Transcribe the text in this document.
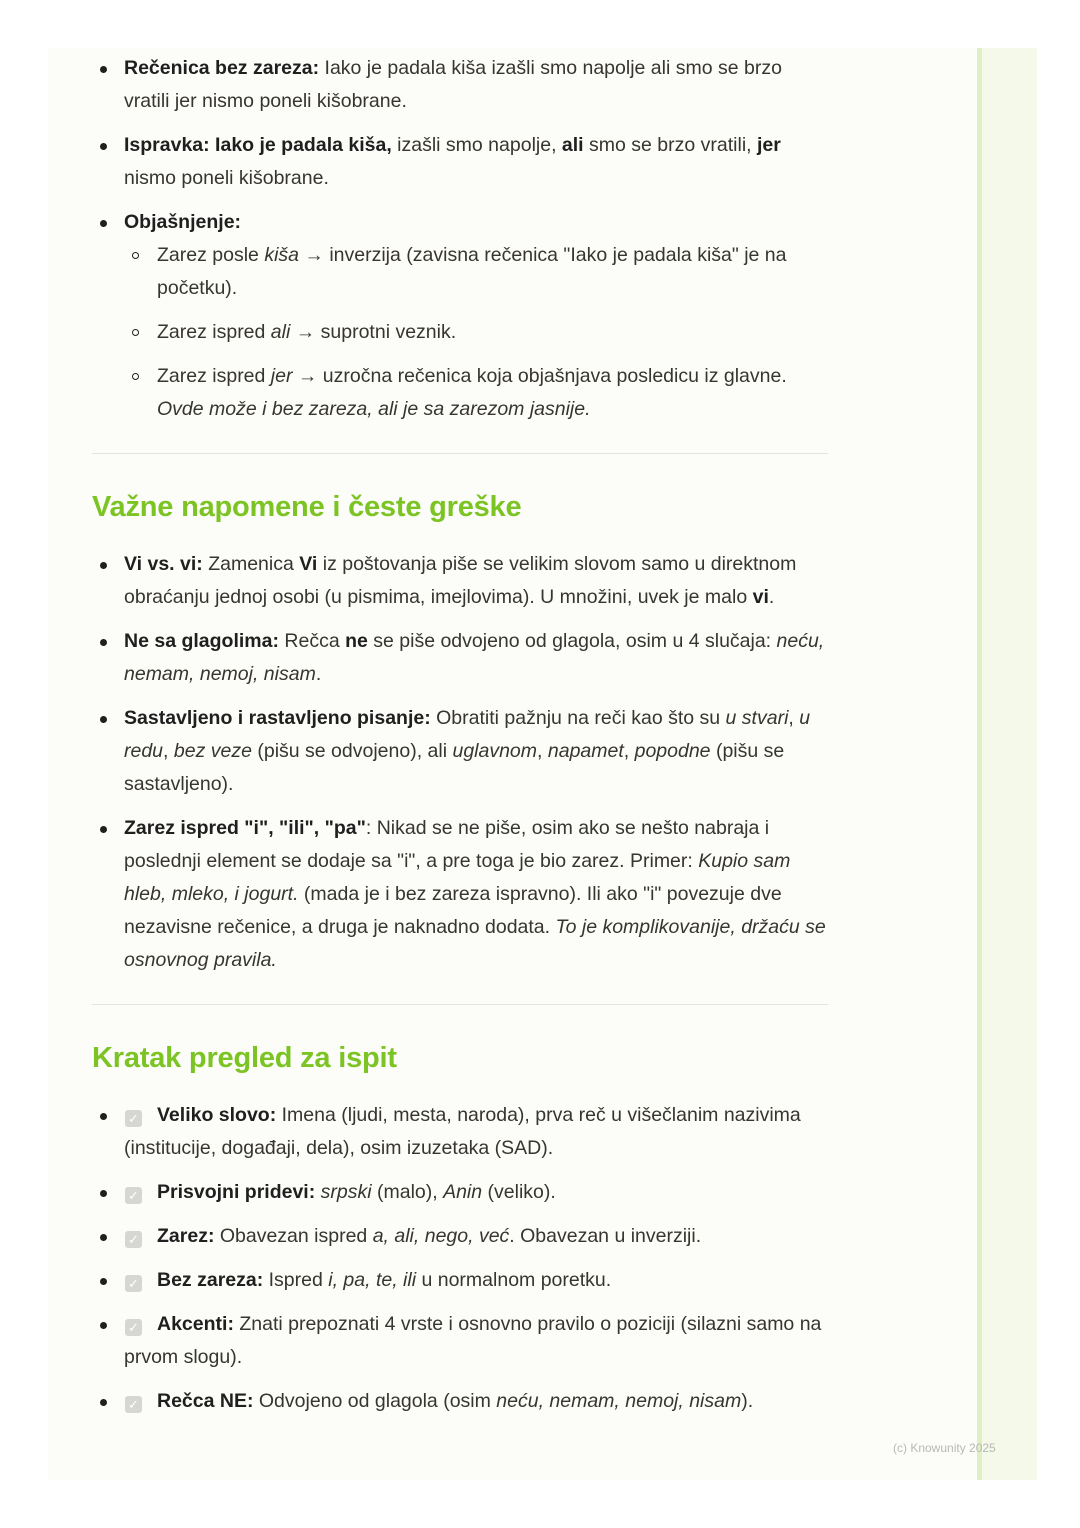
Rečenica bez zareza: Iako je padala kiša izašli smo napolje ali smo se brzo vratili jer nismo poneli kišobrane.
Ispravka: Iako je padala kiša, izašli smo napolje, ali smo se brzo vratili, jer nismo poneli kišobrane.
Objašnjenje:
Zarez posle kiša → inverzija (zavisna rečenica "Iako je padala kiša" je na početku).
Zarez ispred ali → suprotni veznik.
Zarez ispred jer → uzročna rečenica koja objašnjava posledicu iz glavne. Ovde može i bez zareza, ali je sa zarezom jasnije.
Važne napomene i česte greške
Vi vs. vi: Zamenica Vi iz poštovanja piše se velikim slovom samo u direktnom obraćanju jednoj osobi (u pismima, imejlovima). U množini, uvek je malo vi.
Ne sa glagolima: Rečca ne se piše odvojeno od glagola, osim u 4 slučaja: neću, nemam, nemoj, nisam.
Sastavljeno i rastavljeno pisanje: Obratiti pažnju na reči kao što su u stvari, u redu, bez veze (pišu se odvojeno), ali uglavnom, napamet, popodne (pišu se sastavljeno).
Zarez ispred "i", "ili", "pa": Nikad se ne piše, osim ako se nešto nabraja i poslednji element se dodaje sa "i", a pre toga je bio zarez. Primer: Kupio sam hleb, mleko, i jogurt. (mada je i bez zareza ispravno). Ili ako "i" povezuje dve nezavisne rečenice, a druga je naknadno dodata. To je komplikovanije, držaću se osnovnog pravila.
Kratak pregled za ispit
✓ Veliko slovo: Imena (ljudi, mesta, naroda), prva reč u višečlanim nazivima (institucije, događaji, dela), osim izuzetaka (SAD).
✓ Prisvojni pridevi: srpski (malo), Anin (veliko).
✓ Zarez: Obavezan ispred a, ali, nego, već. Obavezan u inverziji.
✓ Bez zareza: Ispred i, pa, te, ili u normalnom poretku.
✓ Akcenti: Znati prepoznati 4 vrste i osnovno pravilo o poziciji (silazni samo na prvom slogu).
✓ Rečca NE: Odvojeno od glagola (osim neću, nemam, nemoj, nisam).
(c) Knowunity 2025
